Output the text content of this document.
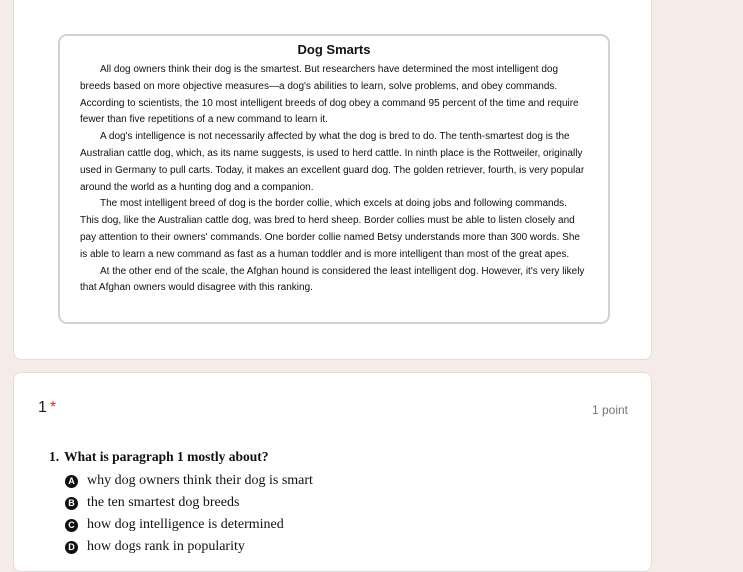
Dog Smarts

All dog owners think their dog is the smartest. But researchers have determined the most intelligent dog breeds based on more objective measures—a dog's abilities to learn, solve problems, and obey commands. According to scientists, the 10 most intelligent breeds of dog obey a command 95 percent of the time and require fewer than five repetitions of a new command to learn it.

A dog's intelligence is not necessarily affected by what the dog is bred to do. The tenth-smartest dog is the Australian cattle dog, which, as its name suggests, is used to herd cattle. In ninth place is the Rottweiler, originally used in Germany to pull carts. Today, it makes an excellent guard dog. The golden retriever, fourth, is very popular around the world as a hunting dog and a companion.

The most intelligent breed of dog is the border collie, which excels at doing jobs and following commands. This dog, like the Australian cattle dog, was bred to herd sheep. Border collies must be able to listen closely and pay attention to their owners' commands. One border collie named Betsy understands more than 300 words. She is able to learn a new command as fast as a human toddler and is more intelligent than most of the great apes.

At the other end of the scale, the Afghan hound is considered the least intelligent dog. However, it's very likely that Afghan owners would disagree with this ranking.

1 *	1 point
1. What is paragraph 1 mostly about?
A why dog owners think their dog is smart
B the ten smartest dog breeds
C how dog intelligence is determined
D how dogs rank in popularity
